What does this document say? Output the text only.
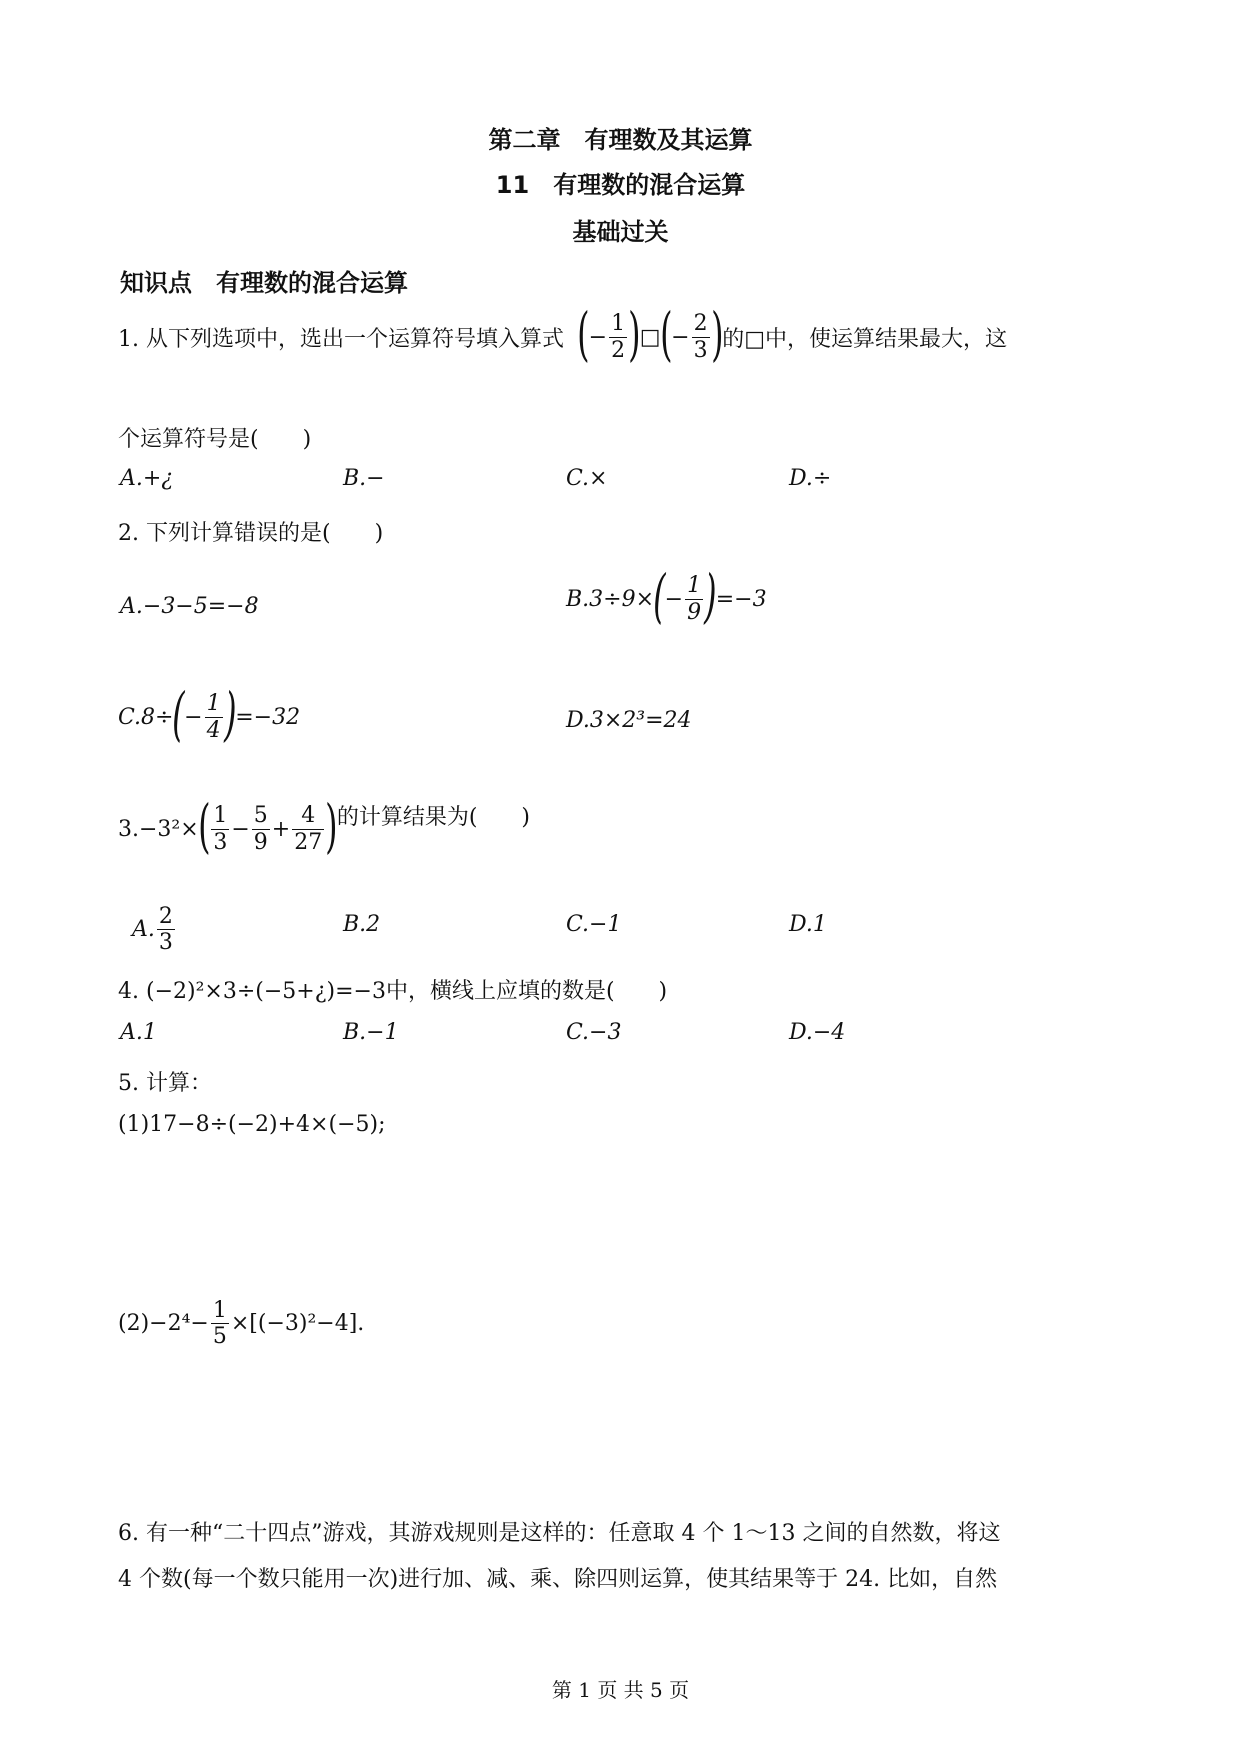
第二章　有理数及其运算
11　有理数的混合运算
基础过关
知识点　有理数的混合运算
1. 从下列选项中，选出一个运算符号填入算式 ( − $\frac{1}{2}$ ) □ ( − $\frac{2}{3}$ ) 的□中，使运算结果最大，这
个运算符号是(　　)
A.+¿	B.−	C.×	D.÷
2. 下列计算错误的是(　　)
A.−3−5=−8	B.3÷9× ( − $\frac{1}{9}$ ) =−3
C.8÷ ( − $\frac{1}{4}$ ) =−32	D.3×2³=24
3.−3²× ( $\frac{1}{3} - \frac{5}{9} + \frac{4}{27}$ ) 的计算结果为(　　)
A. $\frac{2}{3}$	B.2	C.−1	D.1
4. (−2)²×3÷(−5+¿)=−3中，横线上应填的数是(　　)
A.1	B.−1	C.−3	D.−4
5. 计算：
(1)17−8÷(−2)+4×(−5);
$(2)-2^4- \frac{1}{5} \times[(-3)^2-4]$.
6. 有一种“二十四点”游戏，其游戏规则是这样的：任意取 4 个 1～13 之间的自然数，将这
4 个数(每一个数只能用一次)进行加、减、乘、除四则运算，使其结果等于 24. 比如，自然
第 1 页 共 5 页
